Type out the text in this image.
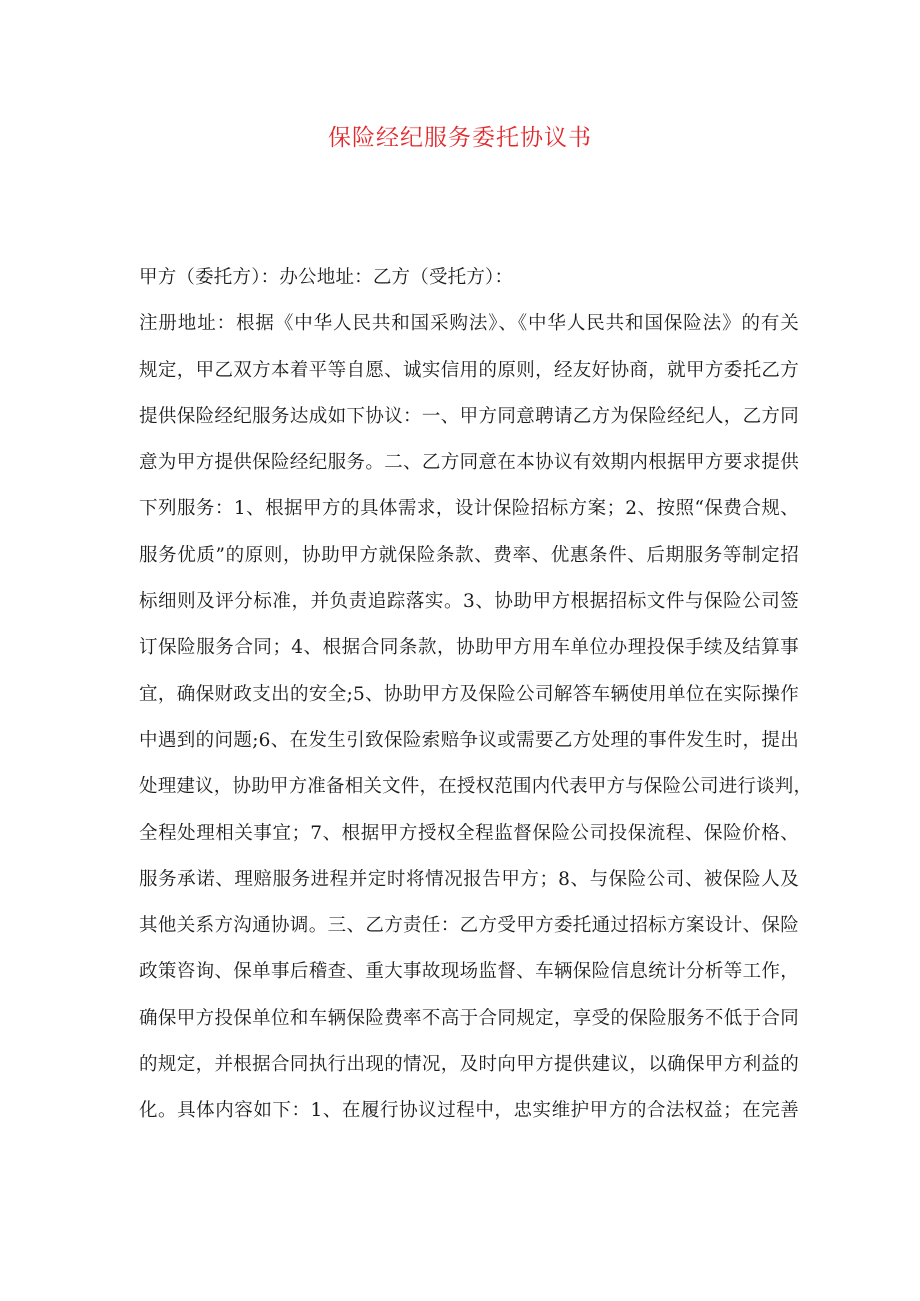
保险经纪服务委托协议书
甲方（委托方）：办公地址：乙方（受托方）：
注册地址：根据《中华人民共和国采购法》、《中华人民共和国保险法》的有关
规定，甲乙双方本着平等自愿、诚实信用的原则，经友好协商，就甲方委托乙方
提供保险经纪服务达成如下协议：一、甲方同意聘请乙方为保险经纪人，乙方同
意为甲方提供保险经纪服务。二、乙方同意在本协议有效期内根据甲方要求提供
下列服务：1、根据甲方的具体需求，设计保险招标方案；2、按照“保费合规、
服务优质”的原则，协助甲方就保险条款、费率、优惠条件、后期服务等制定招
标细则及评分标准，并负责追踪落实。3、协助甲方根据招标文件与保险公司签
订保险服务合同；4、根据合同条款，协助甲方用车单位办理投保手续及结算事
宜，确保财政支出的安全;5、协助甲方及保险公司解答车辆使用单位在实际操作
中遇到的问题;6、在发生引致保险索赔争议或需要乙方处理的事件发生时，提出
处理建议，协助甲方准备相关文件，在授权范围内代表甲方与保险公司进行谈判，
全程处理相关事宜；7、根据甲方授权全程监督保险公司投保流程、保险价格、
服务承诺、理赔服务进程并定时将情况报告甲方；8、与保险公司、被保险人及
其他关系方沟通协调。三、乙方责任：乙方受甲方委托通过招标方案设计、保险
政策咨询、保单事后稽查、重大事故现场监督、车辆保险信息统计分析等工作，
确保甲方投保单位和车辆保险费率不高于合同规定，享受的保险服务不低于合同
的规定，并根据合同执行出现的情况，及时向甲方提供建议，以确保甲方利益的
化。具体内容如下：1、在履行协议过程中，忠实维护甲方的合法权益；在完善
